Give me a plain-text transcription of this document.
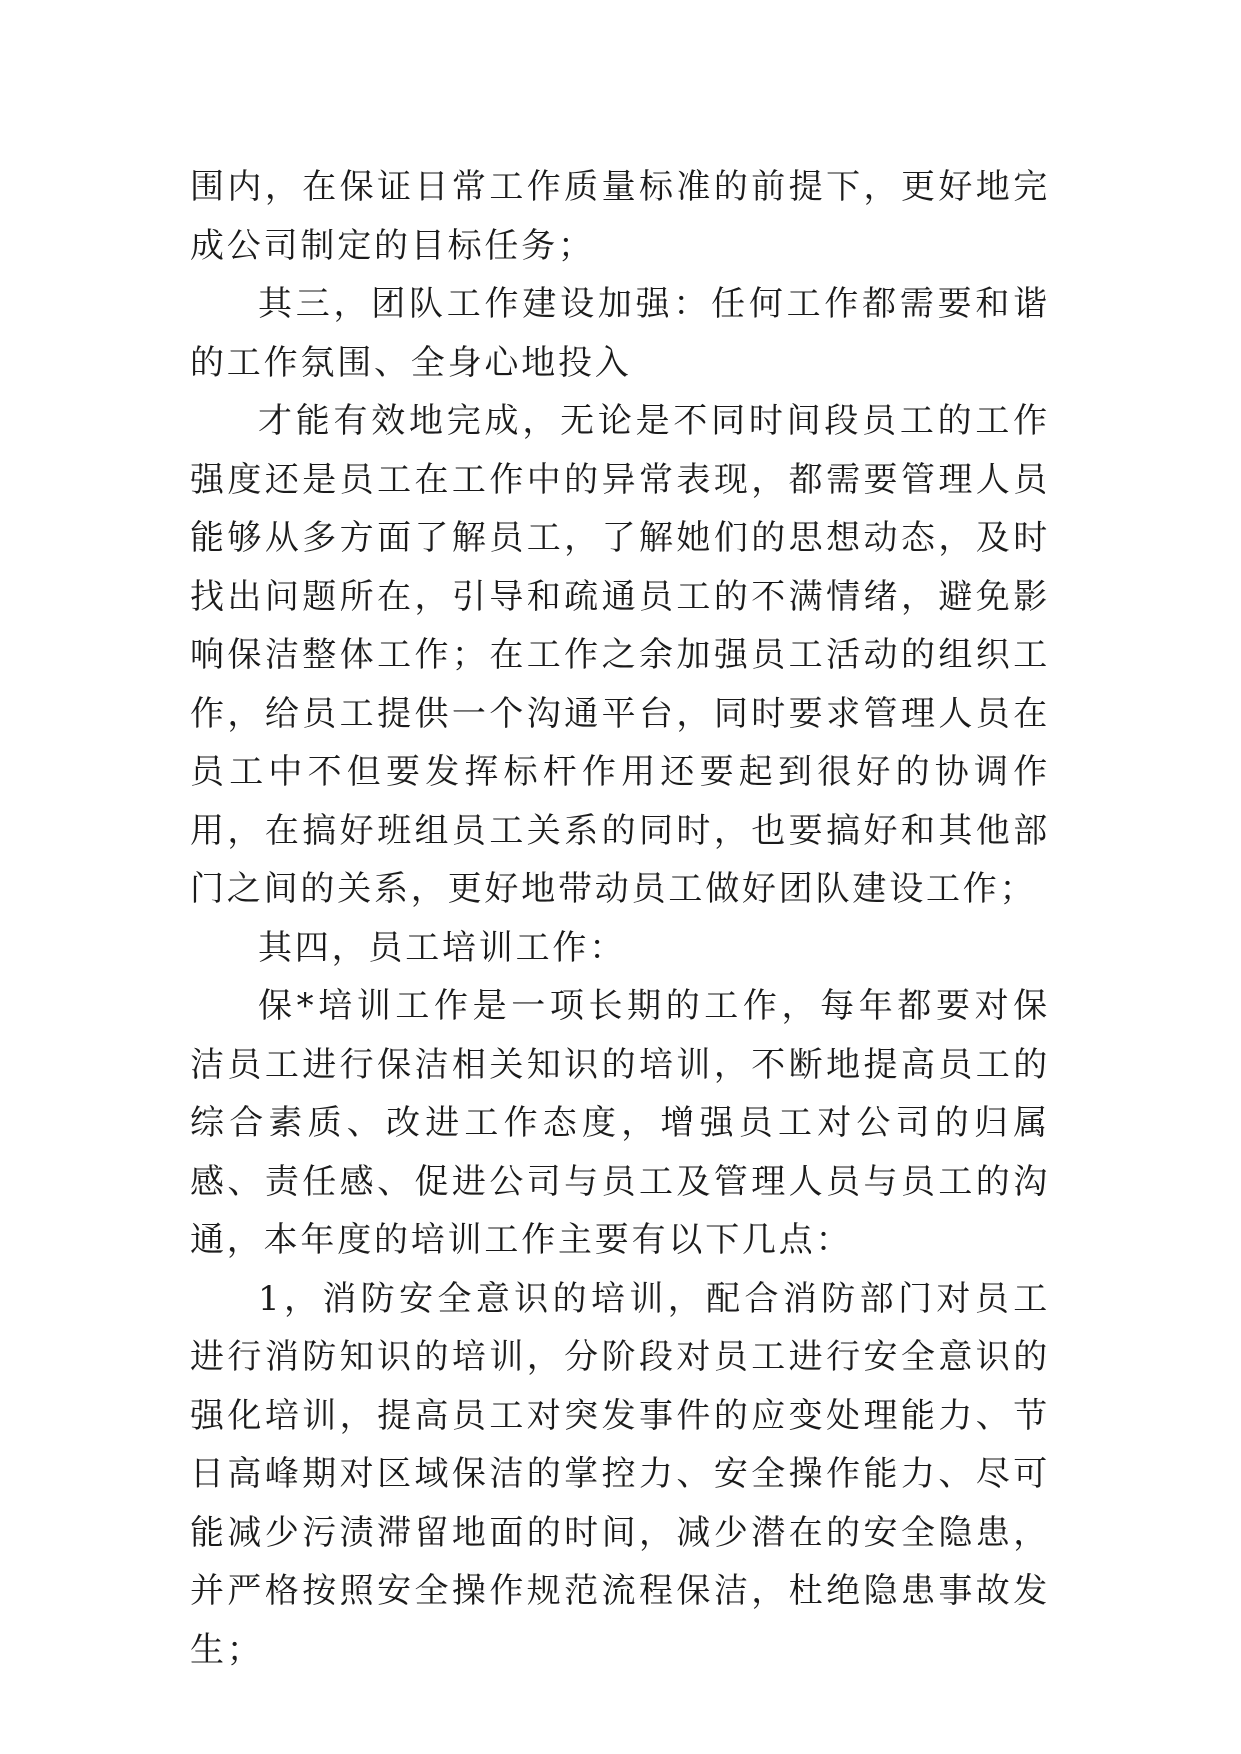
围内，在保证日常工作质量标准的前提下，更好地完成公司制定的目标任务；

其三，团队工作建设加强：任何工作都需要和谐的工作氛围、全身心地投入

才能有效地完成，无论是不同时间段员工的工作强度还是员工在工作中的异常表现，都需要管理人员能够从多方面了解员工，了解她们的思想动态，及时找出问题所在，引导和疏通员工的不满情绪，避免影响保洁整体工作；在工作之余加强员工活动的组织工作，给员工提供一个沟通平台，同时要求管理人员在员工中不但要发挥标杆作用还要起到很好的协调作用，在搞好班组员工关系的同时，也要搞好和其他部门之间的关系，更好地带动员工做好团队建设工作；

其四，员工培训工作：

保*培训工作是一项长期的工作，每年都要对保洁员工进行保洁相关知识的培训，不断地提高员工的综合素质、改进工作态度，增强员工对公司的归属感、责任感、促进公司与员工及管理人员与员工的沟通，本年度的培训工作主要有以下几点：

1，消防安全意识的培训，配合消防部门对员工进行消防知识的培训，分阶段对员工进行安全意识的强化培训，提高员工对突发事件的应变处理能力、节日高峰期对区域保洁的掌控力、安全操作能力、尽可能减少污渍滞留地面的时间，减少潜在的安全隐患，并严格按照安全操作规范流程保洁，杜绝隐患事故发生；
